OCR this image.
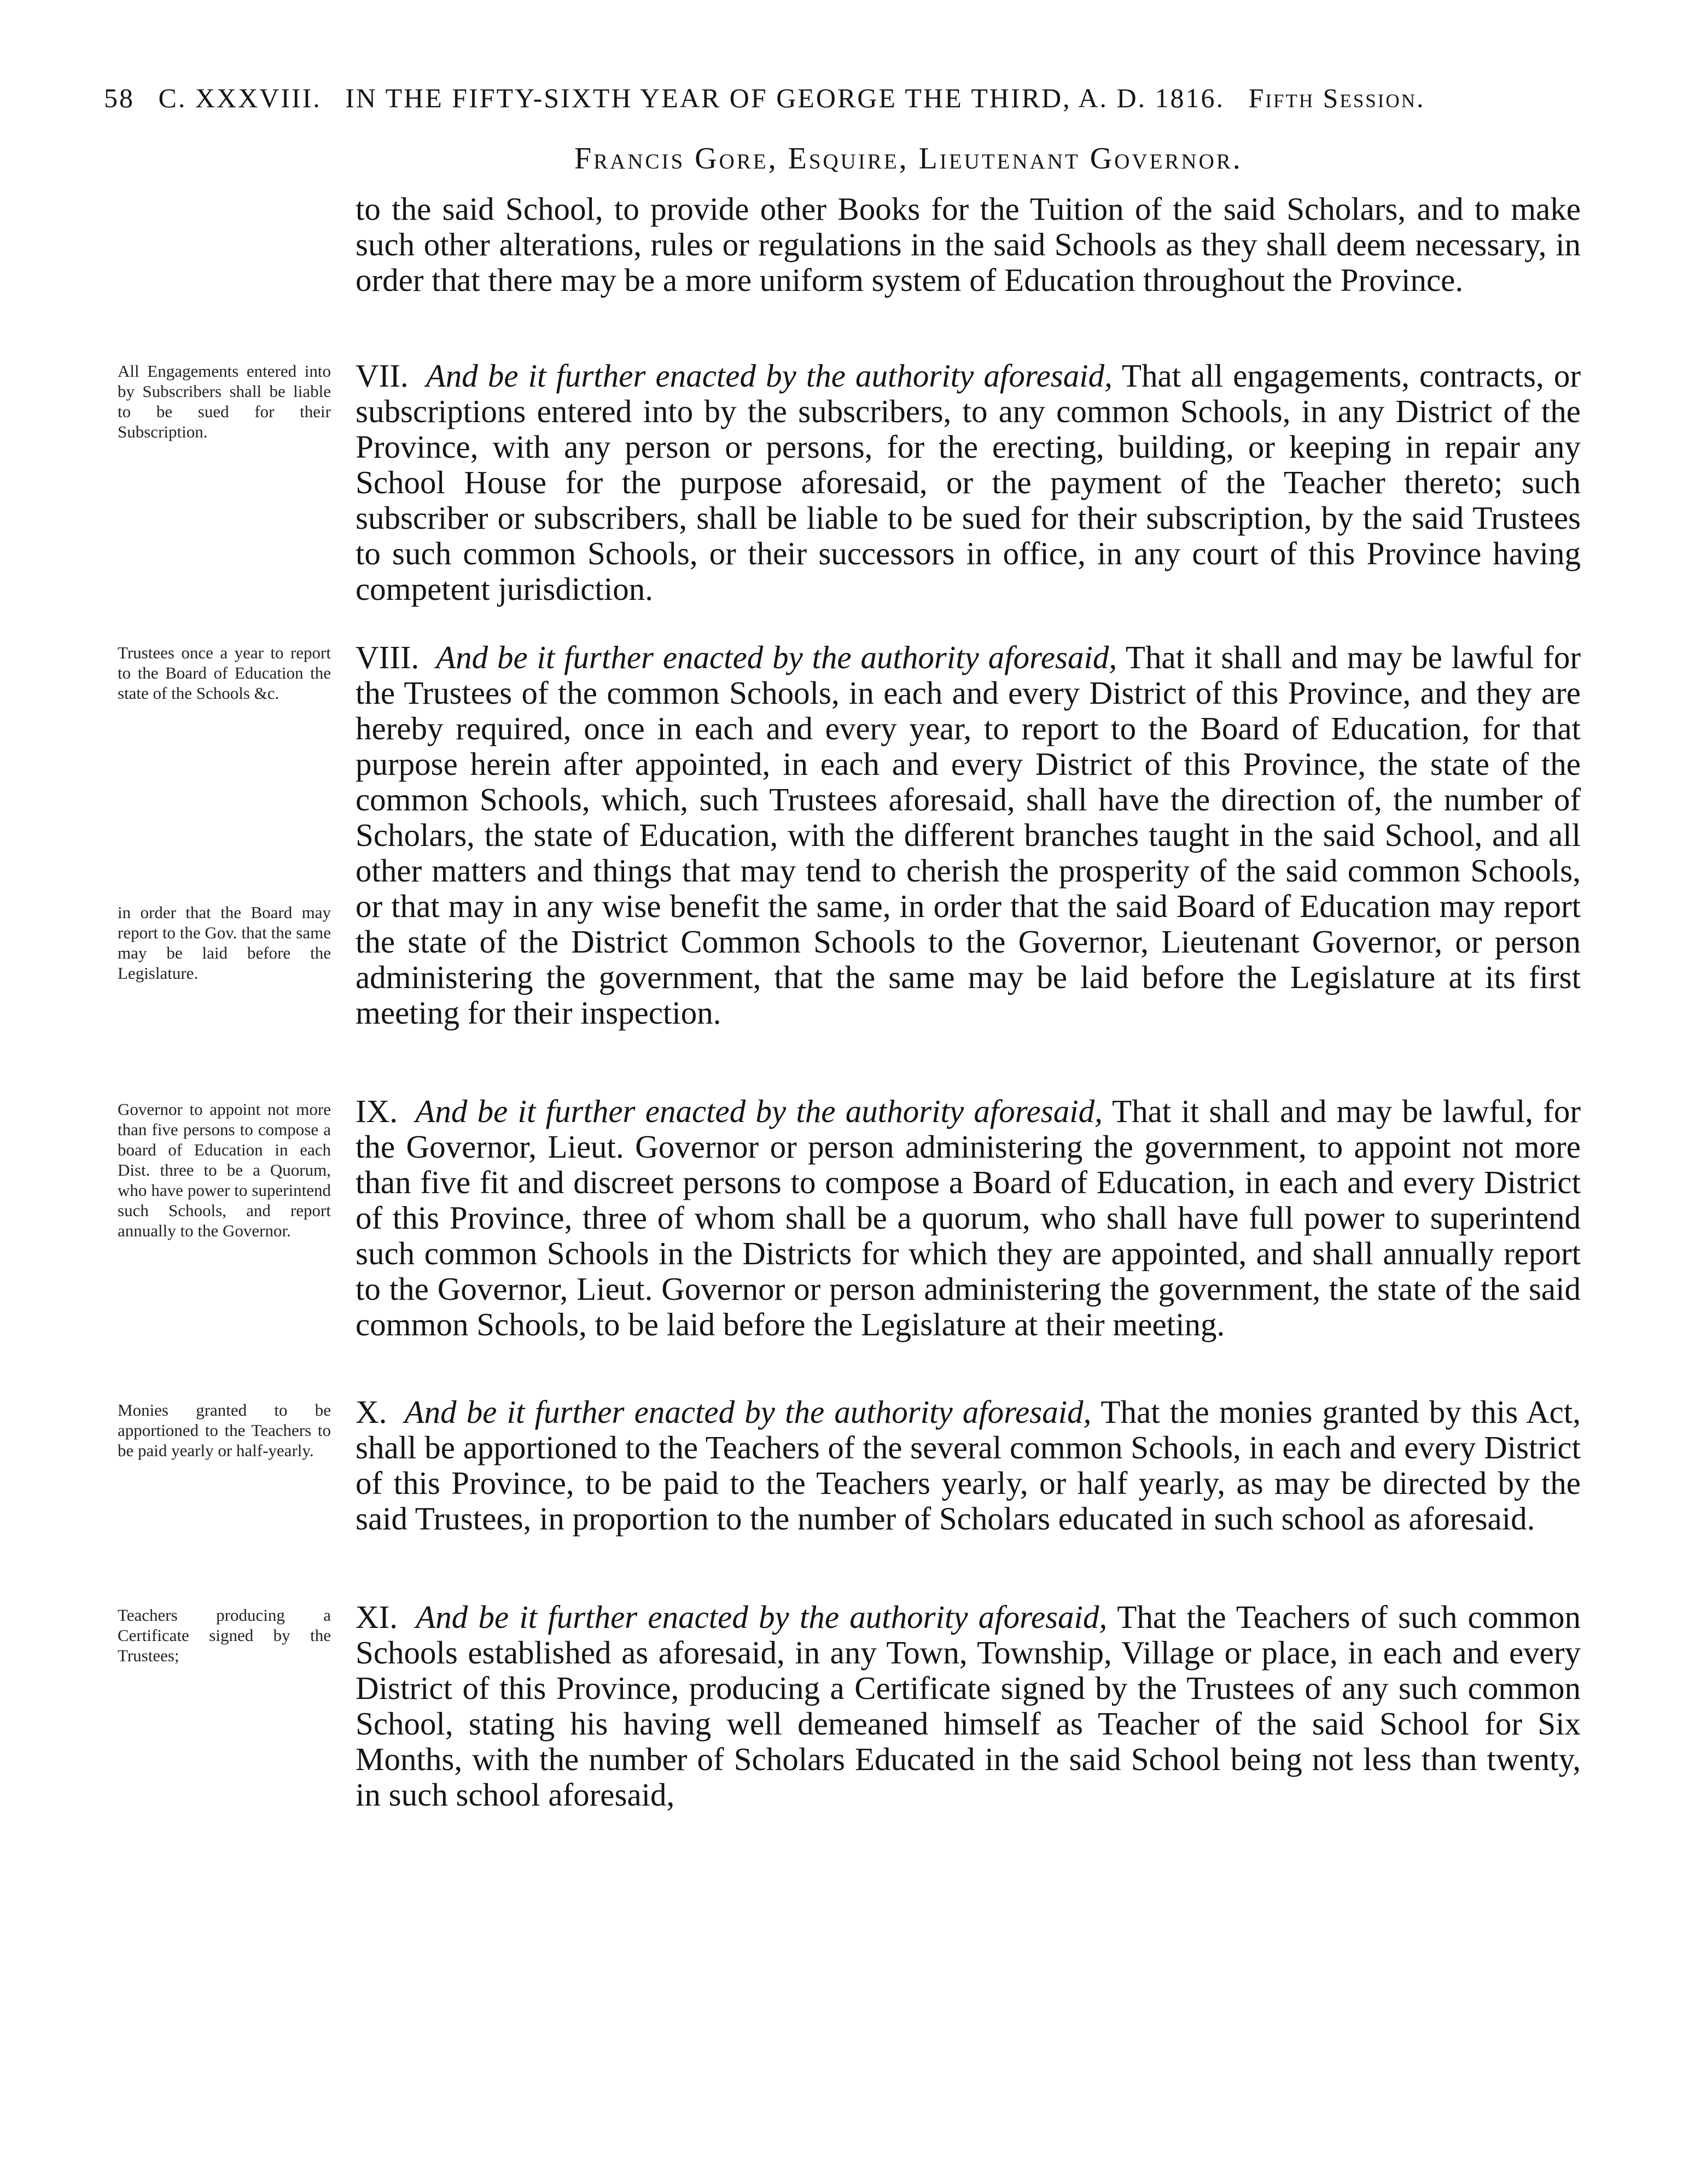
58 C. XXXVIII. IN THE FIFTY-SIXTH YEAR OF GEORGE THE THIRD, A. D. 1816. Fifth Session.
Francis Gore, Esquire, Lieutenant Governor.
to the said School, to provide other Books for the Tuition of the said Scholars, and to make such other alterations, rules or regulations in the said Schools as they shall deem necessary, in order that there may be a more uniform system of Education throughout the Province.
All Engagements entered into by Subscribers shall be liable to be sued for their Subscription.
VII. And be it further enacted by the authority aforesaid, That all engagements, contracts, or subscriptions entered into by the subscribers, to any common Schools, in any District of the Province, with any person or persons, for the erecting, building, or keeping in repair any School House for the purpose aforesaid, or the payment of the Teacher thereto; such subscriber or subscribers, shall be liable to be sued for their subscription, by the said Trustees to such common Schools, or their successors in office, in any court of this Province having competent jurisdiction.
Trustees once a year to report to the Board of Education the state of the Schools &c.
in order that the Board may report to the Gov. that the same may be laid before the Legislature.
VIII. And be it further enacted by the authority aforesaid, That it shall and may be lawful for the Trustees of the common Schools, in each and every District of this Province, and they are hereby required, once in each and every year, to report to the Board of Education, for that purpose herein after appointed, in each and every District of this Province, the state of the common Schools, which, such Trustees aforesaid, shall have the direction of, the number of Scholars, the state of Education, with the different branches taught in the said School, and all other matters and things that may tend to cherish the prosperity of the said common Schools, or that may in any wise benefit the same, in order that the said Board of Education may report the state of the District Common Schools to the Governor, Lieutenant Governor, or person administering the government, that the same may be laid before the Legislature at its first meeting for their inspection.
Governor to appoint not more than five persons to compose a board of Education in each Dist. three to be a Quorum, who have power to superintend such Schools, and report annually to the Governor.
IX. And be it further enacted by the authority aforesaid, That it shall and may be lawful, for the Governor, Lieut. Governor or person administering the government, to appoint not more than five fit and discreet persons to compose a Board of Education, in each and every District of this Province, three of whom shall be a quorum, who shall have full power to superintend such common Schools in the Districts for which they are appointed, and shall annually report to the Governor, Lieut. Governor or person administering the government, the state of the said common Schools, to be laid before the Legislature at their meeting.
Monies granted to be apportioned to the Teachers to be paid yearly or half-yearly.
X. And be it further enacted by the authority aforesaid, That the monies granted by this Act, shall be apportioned to the Teachers of the several common Schools, in each and every District of this Province, to be paid to the Teachers yearly, or half yearly, as may be directed by the said Trustees, in proportion to the number of Scholars educated in such school as aforesaid.
Teachers producing a Certificate signed by the Trustees;
XI. And be it further enacted by the authority aforesaid, That the Teachers of such common Schools established as aforesaid, in any Town, Township, Village or place, in each and every District of this Province, producing a Certificate signed by the Trustees of any such common School, stating his having well demeaned himself as Teacher of the said School for Six Months, with the number of Scholars Educated in the said School being not less than twenty, in such school aforesaid,
